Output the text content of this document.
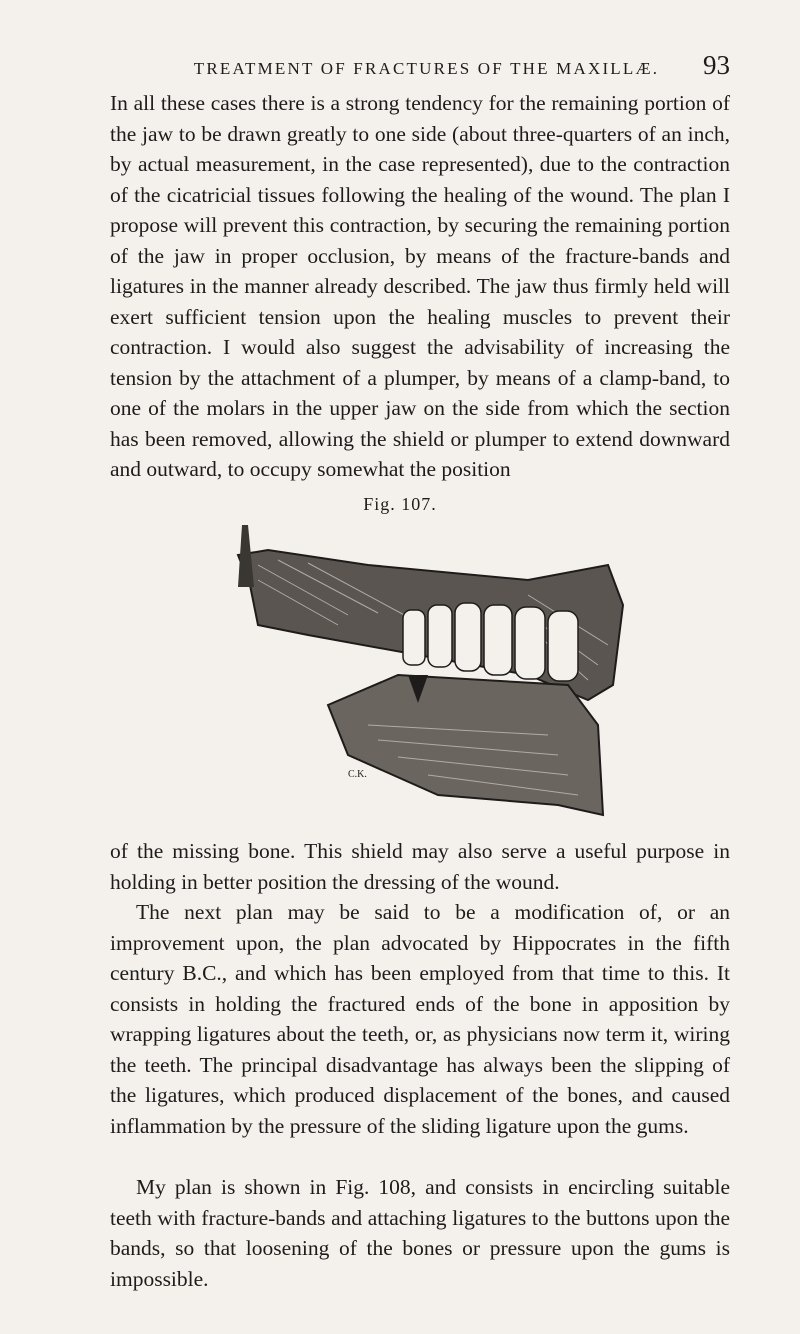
TREATMENT OF FRACTURES OF THE MAXILLÆ.	93

In all these cases there is a strong tendency for the remaining portion of the jaw to be drawn greatly to one side (about three-quarters of an inch, by actual measurement, in the case represented), due to the contraction of the cicatricial tissues following the healing of the wound. The plan I propose will prevent this contraction, by securing the remaining portion of the jaw in proper occlusion, by means of the fracture-bands and ligatures in the manner already described. The jaw thus firmly held will exert sufficient tension upon the healing muscles to prevent their contraction. I would also suggest the advisability of increasing the tension by the attachment of a plumper, by means of a clamp-band, to one of the molars in the upper jaw on the side from which the section has been removed, allowing the shield or plumper to extend downward and outward, to occupy somewhat the position

Fig. 107.
C.K.

of the missing bone. This shield may also serve a useful purpose in holding in better position the dressing of the wound.

The next plan may be said to be a modification of, or an improvement upon, the plan advocated by Hippocrates in the fifth century B.C., and which has been employed from that time to this. It consists in holding the fractured ends of the bone in apposition by wrapping ligatures about the teeth, or, as physicians now term it, wiring the teeth. The principal disadvantage has always been the slipping of the ligatures, which produced displacement of the bones, and caused inflammation by the pressure of the sliding ligature upon the gums.

My plan is shown in Fig. 108, and consists in encircling suitable teeth with fracture-bands and attaching ligatures to the buttons upon the bands, so that loosening of the bones or pressure upon the gums is impossible.
